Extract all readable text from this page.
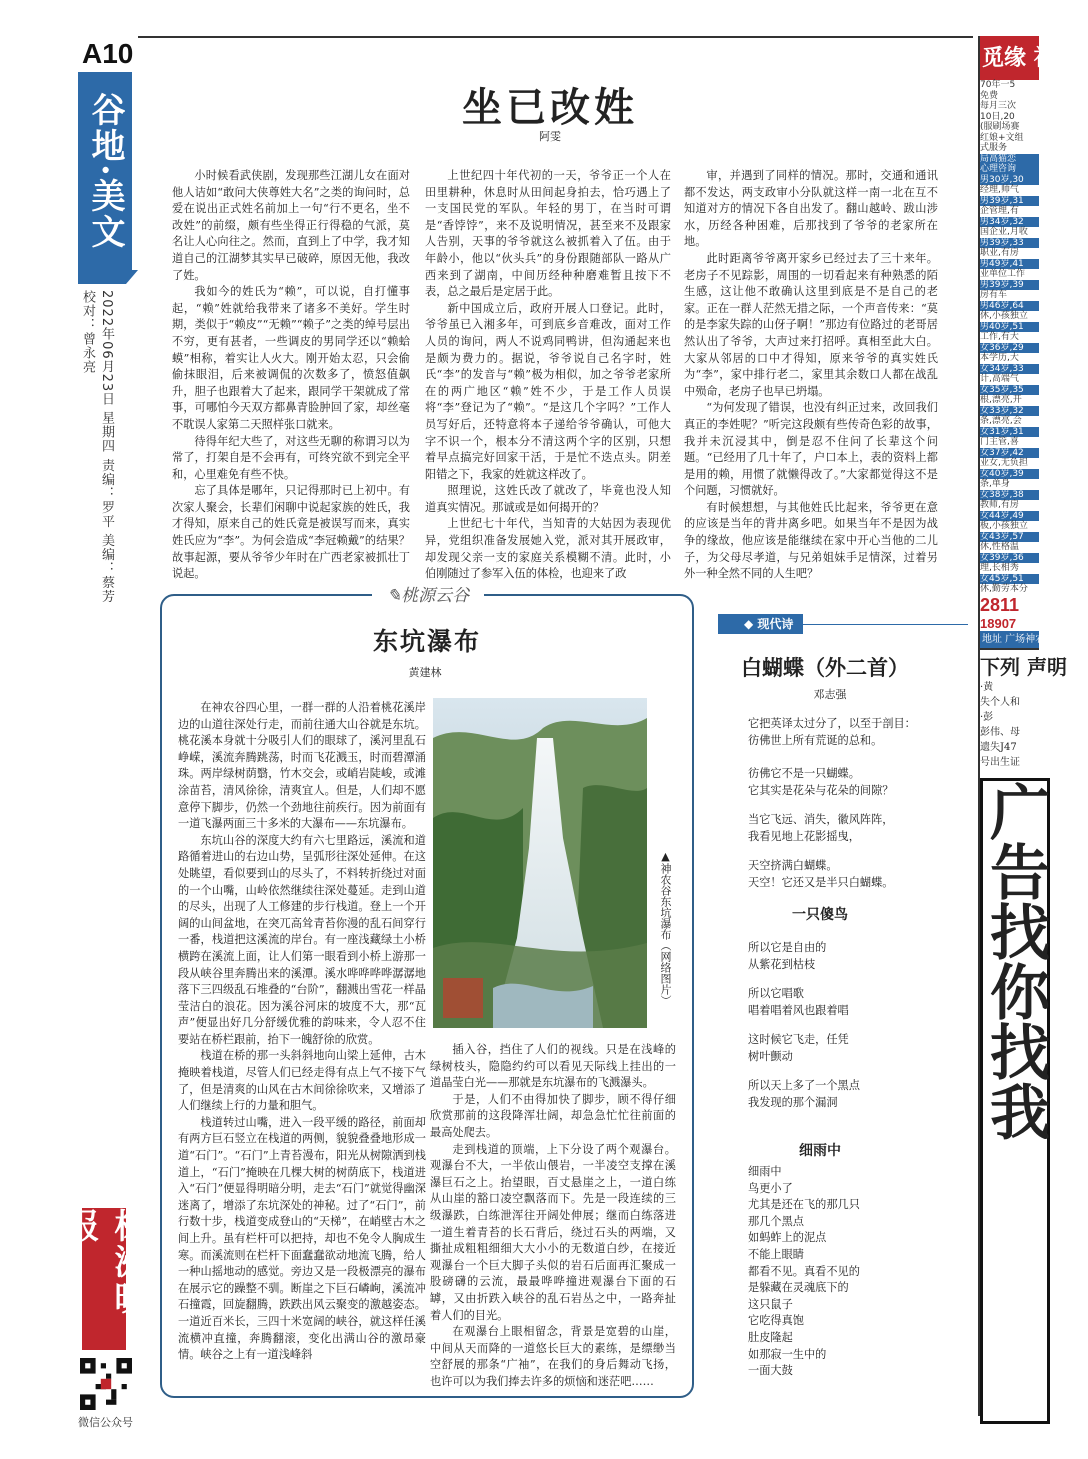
A10
谷地·美文
2022年06月23日 星期四 责编：罗平 美编：蔡芳 校对：曾永亮
坐已改姓
阿雯

小时候看武侠剧，发现那些江湖儿女在面对他人诘如“敢问大侠尊姓大名”之类的询问时，总爱在说出正式姓名前加上一句“行不更名，坐不改姓”的前缀，颇有些坐得正行得稳的气派，莫名让人心向往之。然而，直到上了中学，我才知道自己的江湖梦其实早已破碎，原因无他，我改了姓。

我如今的姓氏为“赖”，可以说，自打懂事起，“赖”姓就给我带来了诸多不美好。学生时期，类似于“赖皮”“无赖”“赖子”之类的绰号层出不穷，更有甚者，一些调皮的男同学还以“赖蛤蟆”相称，着实让人火大。刚开始太忍，只会偷偷抹眼泪，后来被调侃的次数多了，愤怒值飙升，胆子也跟着大了起来，跟同学干架就成了常事，可哪怕今天双方都鼻青脸肿回了家，却丝毫不耽误人家第二天照样张口就来。

待得年纪大些了，对这些无聊的称谓习以为常了，打架自是不会再有，可终究欲不到完全平和，心里难免有些不快。

忘了具体是哪年，只记得那时已上初中。有次家人聚会，长辈们闲聊中说起家族的姓氏，我才得知，原来自己的姓氏竟是被误写而来，真实姓氏应为“李”。为何会造成“李冠赖戴”的结果？故事起源，要从爷爷少年时在广西老家被抓壮丁说起。

上世纪四十年代初的一天，爷爷正一个人在田里耕种，休息时从田间起身拍去，恰巧遇上了一支国民党的军队。年轻的男丁，在当时可谓是“香饽饽”，来不及说明情况，甚至来不及跟家人告别，天事的爷爷就这么被抓着入了伍。由于年龄小，他以“伙头兵”的身份跟随部队一路从广西来到了湖南，中间历经种种磨难暂且按下不表，总之最后是定居于此。

新中国成立后，政府开展人口登记。此时，爷爷虽已入湘多年，可到底乡音难改，面对工作人员的询问，两人不说鸡同鸭讲，但沟通起来也是颇为费力的。据说，爷爷说自己名字时，姓氏“李”的发音与“赖”极为相似，加之爷爷老家所在的两广地区“赖”姓不少，于是工作人员误将“李”登记为了“赖”。“是这几个字吗？”工作人员写好后，还特意将本子递给爷爷确认，可他大字不识一个，根本分不清这两个字的区别，只想着早点搞完好回家干活，于是忙不迭点头。阴差阳错之下，我家的姓就这样改了。

照理说，这姓氏改了就改了，毕竟也没人知道真实情况。那诚或是如何揭开的？

上世纪七十年代，当知青的大姑因为表现优异，党组织准备发展她入党，派对其开展政审，却发现父亲一支的家庭关系模糊不清。此时，小伯刚随过了参军入伍的体检，也迎来了政

审，并遇到了同样的情况。那时，交通和通讯都不发达，两支政审小分队就这样一南一北在互不知道对方的情况下各自出发了。翻山越岭、跋山涉水，历经各种困难，后那找到了爷爷的老家所在地。

此时距离爷爷离开家乡已经过去了三十来年。老房子不见踪影，周围的一切看起来有种熟悉的陌生感，这让他不敢确认这里到底是不是自己的老家。正在一群人茫然无措之际，一个声音传来：“莫的是李家失踪的山伢子啊！”那边有位路过的老哥居然认出了爷爷，大声过来打招呼。真相至此大白。大家从邻居的口中才得知，原来爷爷的真实姓氏为“李”，家中排行老二，家里其余数口人都在战乱中殒命，老房子也早已坍塌。

“为何发现了错误，也没有纠正过来，改回我们真正的李姓呢？”听完这段颇有些传奇色彩的故事，我并未沉浸其中，倒是忍不住问了长辈这个问题。“已经用了几十年了，户口本上，表的资料上都是用的赖，用惯了就懒得改了。”大家都觉得这不是个问题，习惯就好。

有时候想想，与其他姓氏比起来，爷爷更在意的应该是当年的背井离乡吧。如果当年不是因为战争的缘故，他应该是能继续在家中开心当他的二儿子，为父母尽孝道，与兄弟姐妹手足情深，过着另外一种全然不同的人生吧？

✎桃源云谷
东坑瀑布
黄建林

在神农谷四心里，一群一群的人沿着桃花溪岸边的山道往深处行走，而前往通大山谷就是东坑。桃花溪本身就十分吸引人们的眼球了，溪河里乱石峥嵘，溪流奔腾跳荡，时而飞花溅玉，时而碧潭涌珠。两岸绿树荫翳，竹木交会，或峭岩陡峻，或滩涂苗苔，清风徐徐，清爽宜人。但是，人们却不愿意停下脚步，仍然一个劲地往前疾行。因为前面有一道飞瀑两面三十多米的大瀑布——东坑瀑布。

东坑山谷的深度大约有六七里路远，溪流和道路循着进山的右边山势，呈弧形往深处延伸。在这处眺望，看似要到山的尽头了，不料转折绕过对面的一个山嘴，山岭依然继续往深处蔓延。走到山道的尽头，出现了人工修建的步行栈道。登上一个开阔的山间盆地，在突兀高耸青苔你漫的乱石间穿行一番，栈道把这溪流的岸台。有一座浅藏绿土小桥横跨在溪流上面，让人们第一眼看到小桥上游那一段从峡谷里奔腾出来的溪潭。溪水哗哗哗哗潺潺地落下三四级乱石堆叠的“台阶”，翻溅出雪花一样晶莹洁白的浪花。因为溪谷河床的坡度不大，那“瓦声”便显出好几分舒缓优雅的韵味来，令人忍不住要站在桥栏跟前，抬下一魄舒徐的欣赏。

栈道在桥的那一头斜斜地向山梁上延伸，古木掩映着栈道，尽管人们已经走得有点上气不接下气了，但是清爽的山风在古木间徐徐吹来，又增添了人们继续上行的力量和胆气。

栈道转过山嘴，进入一段平缓的路径，前面却有两方巨石竖立在栈道的两侧，貌貌叠叠地形成一道“石门”。“石门”上青苔漫布，阳光从树隙洒到栈道上，“石门”掩映在几棵大树的树荫底下，栈道进入“石门”便显得明暗分明，走去“石门”就觉得幽深迷离了，增添了东坑深处的神秘。过了“石门”，前行数十步，栈道变成登山的“天梯”，在峭壁古木之间上升。虽有栏杆可以把持，却也不免令人胸成生寒。而溪流则在栏杆下面蠢蠢欲动地流飞腾，给人一种山摇地动的感觉。旁边又是一段极漂亮的瀑布在展示它的躁整不驯。断崖之下巨石嶙峋，溪流冲石撞霞，回旋翻腾，跌跌出风云聚变的激越姿态。一道近百米长，三四十米宽阔的峡谷，就这样任溪流横冲直撞，奔腾翻滚，变化出满山谷的激昂豪情。峡谷之上有一道浅峰斜

▲神农谷东坑瀑布（网络图片）

插入谷，挡住了人们的视线。只是在浅峰的绿树枝头，隐隐约约可以看见天际线上挂出的一道晶莹白光——那就是东坑瀑布的飞溅瀑头。

于是，人们不由得加快了脚步，顾不得仔细欣赏那前的这段降浑壮阔，却急急忙忙往前面的最高处爬去。

走到栈道的顶端，上下分设了两个观瀑台。观瀑台不大，一半依山偎岩，一半凌空支撑在溪瀑巨石之上。抬望眼，百丈悬崖之上，一道白练从山崖的豁口凌空飘落而下。先是一段连续的三级瀑跌，白练泄浑往开阔处伸展；继而白练落进一道生着青苔的长石背后，绕过石头的两端，又撕扯成粗粗细细大大小小的无数道白纱，在接近观瀑台一个巨大脚子头似的岩石后面再汇聚成一股磅礴的云流，最最哗哗撞进观瀑台下面的石罅，又由折跌入峡谷的乱石岩丛之中，一路奔扯着人们的目光。

在观瀑台上眼相留念，背景是宽碧的山崖，中间从天而降的一道悠长巨大的素练，是缥缈当空舒展的那条“广袖”，在我们的身后舞动飞扬，也许可以为我们捧去许多的烦恼和迷茫吧……

◆ 现代诗
白蝴蝶（外二首）
邓志强
它把英译太过分了，以至于剖目：
彷佛世上所有荒诞的总和。
彷佛它不是一只蝴蝶。
它其实是花朵与花朵的间隙？
当它飞远、消失，徽风阵阵，
我看见地上花影摇曳，
天空挤满白蝴蝶。
天空！它还又是半只白蝴蝶。
一只傻鸟
所以它是自由的
从紫花到枯枝
所以它唱歌
唱着唱着风也跟着唱
这时候它飞走，任凭
树叶颤动
所以天上多了一个黑点
我发现的那个漏洞
细雨中
细雨中
鸟更小了
尤其是还在飞的那几只
那几个黑点
如蚂蚱上的泥点
不能上眼睛
都看不见。真看不见的
是躲藏在灵魂底下的
这只鼠子
它吃得真饱
肚皮隆起
如那寂一生中的
一面大鼓
觅缘 神农
70年一5
免费
每月三次
10日,20
(服刷场赛
红娘+文组
式服务
局高猫恋
心理咨询
男30岁,30
经理,帅气
男39岁,31
企管理,有
男34岁,32
国企业,月收
男39岁,33
职业,有房
男49岁,41
业单位工作
男39岁,39
房有车
男46岁,64
休,小孩独立
男40岁,51
工作,有大
女36岁,29
本学历,大
女34岁,33
计,高端气
女35岁,35
根,漂亮,开
女33岁,32
条,漂亮,会
女31岁,31
门主管,喜
女37岁,42
业女,无负担
女40岁,39
条,单身
女38岁,38
教师,有房
女44岁,49
板,小孩独立
女43岁,57
休,性格温
女39岁,36
理,长相秀
女45岁,51
休,勤劳本分
2811
18907
地址 广场神农 面右边新
下列 声明
·黄
失个人和
·彭
彭伟、母
遗失J47
号出生证
广告找你找我
株洲晚报
微信公众号
